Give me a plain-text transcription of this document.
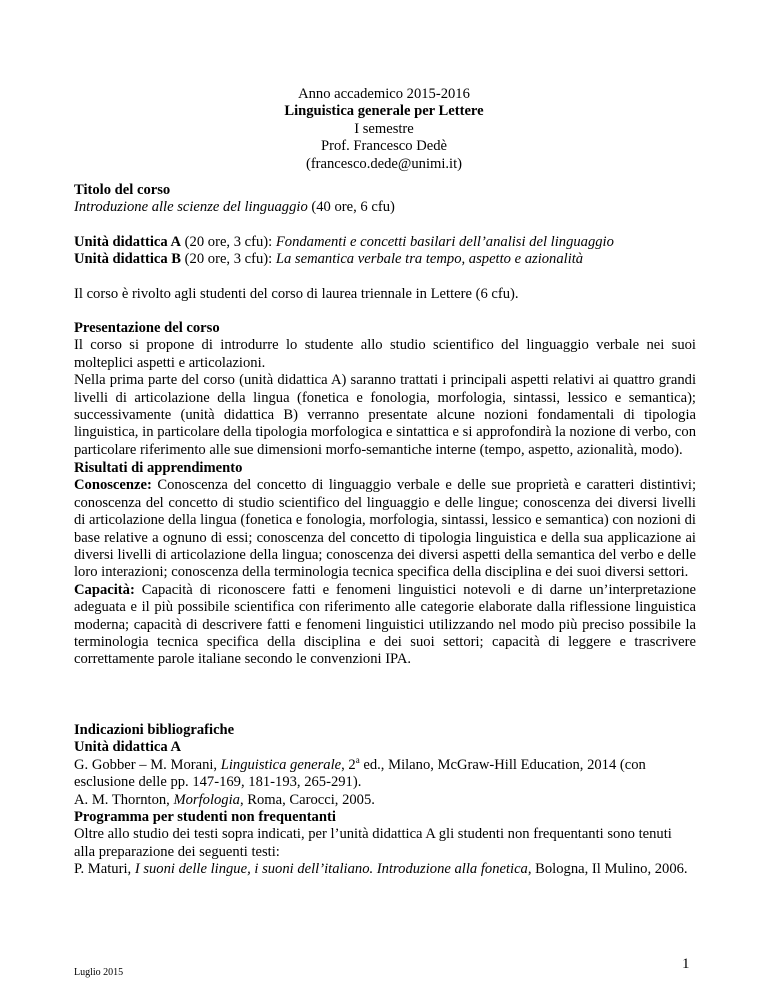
Anno accademico 2015-2016
Linguistica generale per Lettere
I semestre
Prof. Francesco Dedè
(francesco.dede@unimi.it)

Titolo del corso

Introduzione alle scienze del linguaggio (40 ore, 6 cfu)

Unità didattica A (20 ore, 3 cfu): Fondamenti e concetti basilari dell’analisi del linguaggio

Unità didattica B (20 ore, 3 cfu): La semantica verbale tra tempo, aspetto e azionalità

Il corso è rivolto agli studenti del corso di laurea triennale in Lettere (6 cfu).

Presentazione del corso

Il corso si propone di introdurre lo studente allo studio scientifico del linguaggio verbale nei suoi molteplici aspetti e articolazioni.

Nella prima parte del corso (unità didattica A) saranno trattati i principali aspetti relativi ai quattro grandi livelli di articolazione della lingua (fonetica e fonologia, morfologia, sintassi, lessico e semantica); successivamente (unità didattica B) verranno presentate alcune nozioni fondamentali di tipologia linguistica, in particolare della tipologia morfologica e sintattica e si approfondirà la nozione di verbo, con particolare riferimento alle sue dimensioni morfo-semantiche interne (tempo, aspetto, azionalità, modo).

Risultati di apprendimento

Conoscenze: Conoscenza del concetto di linguaggio verbale e delle sue proprietà e caratteri distintivi; conoscenza del concetto di studio scientifico del linguaggio e delle lingue; conoscenza dei diversi livelli di articolazione della lingua (fonetica e fonologia, morfologia, sintassi, lessico e semantica) con nozioni di base relative a ognuno di essi; conoscenza del concetto di tipologia linguistica e della sua applicazione ai diversi livelli di articolazione della lingua; conoscenza dei diversi aspetti della semantica del verbo e delle loro interazioni; conoscenza della terminologia tecnica specifica della disciplina e dei suoi diversi settori.

Capacità: Capacità di riconoscere fatti e fenomeni linguistici notevoli e di darne un’interpretazione adeguata e il più possibile scientifica con riferimento alle categorie elaborate dalla riflessione linguistica moderna; capacità di descrivere fatti e fenomeni linguistici utilizzando nel modo più preciso possibile la terminologia tecnica specifica della disciplina e dei suoi settori; capacità di leggere e trascrivere correttamente parole italiane secondo le convenzioni IPA.

Indicazioni bibliografiche

Unità didattica A

G. Gobber – M. Morani, Linguistica generale, 2$^a$ ed., Milano, McGraw-Hill Education, 2014 (con esclusione delle pp. 147-169, 181-193, 265-291).

A. M. Thornton, Morfologia, Roma, Carocci, 2005.

Programma per studenti non frequentanti

Oltre allo studio dei testi sopra indicati, per l’unità didattica A gli studenti non frequentanti sono tenuti alla preparazione dei seguenti testi:

P. Maturi, I suoni delle lingue, i suoni dell’italiano. Introduzione alla fonetica, Bologna, Il Mulino, 2006.

1
Luglio 2015
